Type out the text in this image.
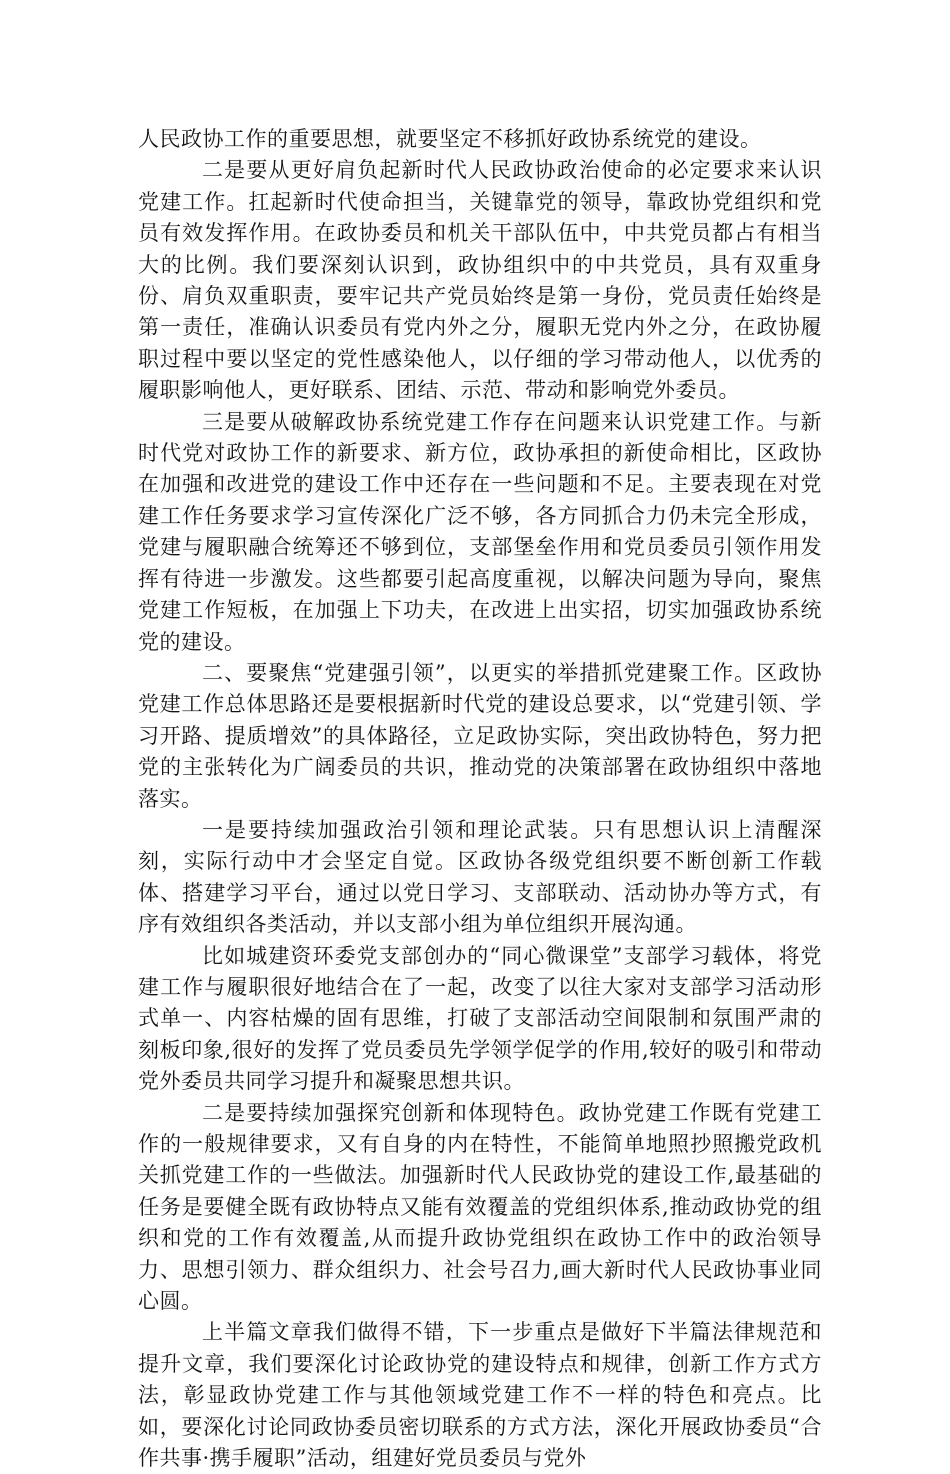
人民政协工作的重要思想，就要坚定不移抓好政协系统党的建设。

二是要从更好肩负起新时代人民政协政治使命的必定要求来认识党建工作。扛起新时代使命担当，关键靠党的领导，靠政协党组织和党员有效发挥作用。在政协委员和机关干部队伍中，中共党员都占有相当大的比例。我们要深刻认识到，政协组织中的中共党员，具有双重身份、肩负双重职责，要牢记共产党员始终是第一身份，党员责任始终是第一责任，准确认识委员有党内外之分，履职无党内外之分，在政协履职过程中要以坚定的党性感染他人，以仔细的学习带动他人，以优秀的履职影响他人，更好联系、团结、示范、带动和影响党外委员。

三是要从破解政协系统党建工作存在问题来认识党建工作。与新时代党对政协工作的新要求、新方位，政协承担的新使命相比，区政协在加强和改进党的建设工作中还存在一些问题和不足。主要表现在对党建工作任务要求学习宣传深化广泛不够，各方同抓合力仍未完全形成，党建与履职融合统筹还不够到位，支部堡垒作用和党员委员引领作用发挥有待进一步激发。这些都要引起高度重视，以解决问题为导向，聚焦党建工作短板，在加强上下功夫，在改进上出实招，切实加强政协系统党的建设。

二、要聚焦“党建强引领”，以更实的举措抓党建聚工作。区政协党建工作总体思路还是要根据新时代党的建设总要求，以“党建引领、学习开路、提质增效”的具体路径，立足政协实际，突出政协特色，努力把党的主张转化为广阔委员的共识，推动党的决策部署在政协组织中落地落实。

一是要持续加强政治引领和理论武装。只有思想认识上清醒深刻，实际行动中才会坚定自觉。区政协各级党组织要不断创新工作载体、搭建学习平台，通过以党日学习、支部联动、活动协办等方式，有序有效组织各类活动，并以支部小组为单位组织开展沟通。

比如城建资环委党支部创办的“同心微课堂”支部学习载体，将党建工作与履职很好地结合在了一起，改变了以往大家对支部学习活动形式单一、内容枯燥的固有思维，打破了支部活动空间限制和氛围严肃的刻板印象,很好的发挥了党员委员先学领学促学的作用,较好的吸引和带动党外委员共同学习提升和凝聚思想共识。

二是要持续加强探究创新和体现特色。政协党建工作既有党建工作的一般规律要求，又有自身的内在特性，不能简单地照抄照搬党政机关抓党建工作的一些做法。加强新时代人民政协党的建设工作,最基础的任务是要健全既有政协特点又能有效覆盖的党组织体系,推动政协党的组织和党的工作有效覆盖,从而提升政协党组织在政协工作中的政治领导力、思想引领力、群众组织力、社会号召力,画大新时代人民政协事业同心圆。

上半篇文章我们做得不错，下一步重点是做好下半篇法律规范和提升文章，我们要深化讨论政协党的建设特点和规律，创新工作方式方法，彰显政协党建工作与其他领域党建工作不一样的特色和亮点。比如，要深化讨论同政协委员密切联系的方式方法，深化开展政协委员“合作共事·携手履职”活动，组建好党员委员与党外
